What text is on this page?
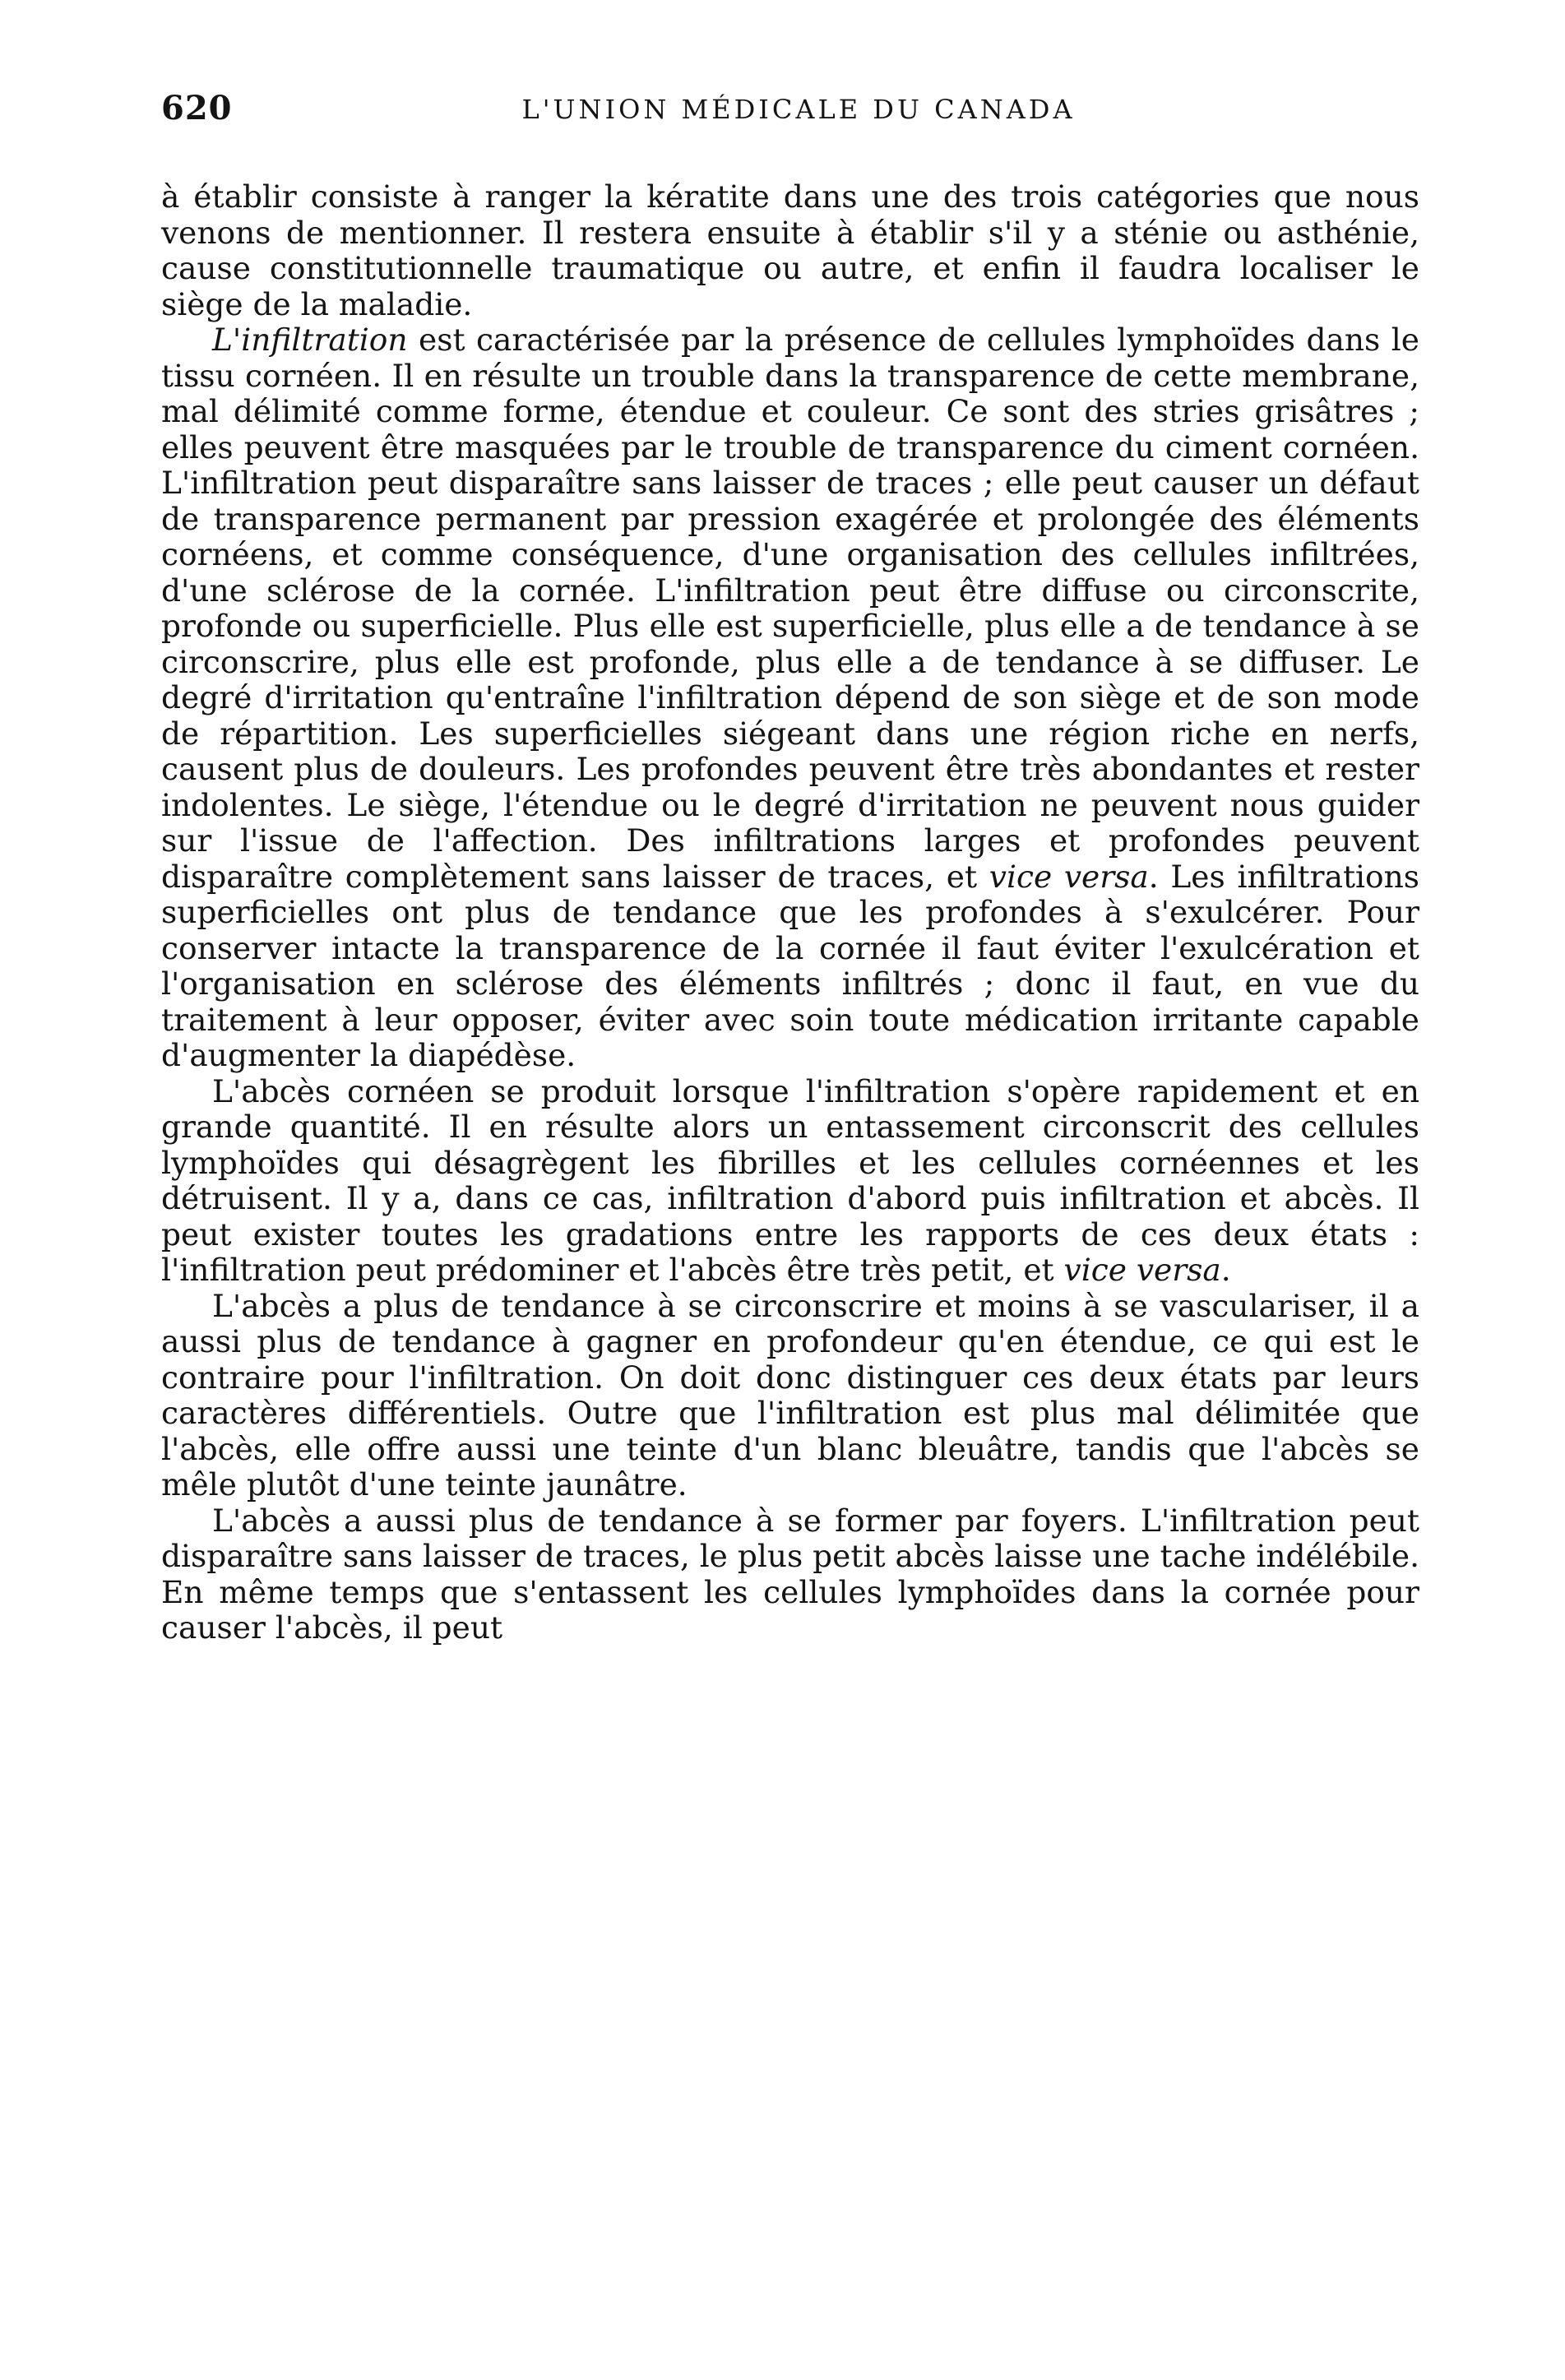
620	L'UNION MÉDICALE DU CANADA

à établir consiste à ranger la kératite dans une des trois catégories que nous venons de mentionner. Il restera ensuite à établir s'il y a sténie ou asthénie, cause constitutionnelle traumatique ou autre, et enfin il faudra localiser le siège de la maladie.

L'infiltration est caractérisée par la présence de cellules lymphoïdes dans le tissu cornéen. Il en résulte un trouble dans la transparence de cette membrane, mal délimité comme forme, étendue et couleur. Ce sont des stries grisâtres ; elles peuvent être masquées par le trouble de transparence du ciment cornéen. L'infiltration peut disparaître sans laisser de traces ; elle peut causer un défaut de transparence permanent par pression exagérée et prolongée des éléments cornéens, et comme conséquence, d'une organisation des cellules infiltrées, d'une sclérose de la cornée. L'infiltration peut être diffuse ou circonscrite, profonde ou superficielle. Plus elle est superficielle, plus elle a de tendance à se circonscrire, plus elle est profonde, plus elle a de tendance à se diffuser. Le degré d'irritation qu'entraîne l'infiltration dépend de son siège et de son mode de répartition. Les superficielles siégeant dans une région riche en nerfs, causent plus de douleurs. Les profondes peuvent être très abondantes et rester indolentes. Le siège, l'étendue ou le degré d'irritation ne peuvent nous guider sur l'issue de l'affection. Des infiltrations larges et profondes peuvent disparaître complètement sans laisser de traces, et vice versa. Les infiltrations superficielles ont plus de tendance que les profondes à s'exulcérer. Pour conserver intacte la transparence de la cornée il faut éviter l'exulcération et l'organisation en sclérose des éléments infiltrés ; donc il faut, en vue du traitement à leur opposer, éviter avec soin toute médication irritante capable d'augmenter la diapédèse.

L'abcès cornéen se produit lorsque l'infiltration s'opère rapidement et en grande quantité. Il en résulte alors un entassement circonscrit des cellules lymphoïdes qui désagrègent les fibrilles et les cellules cornéennes et les détruisent. Il y a, dans ce cas, infiltration d'abord puis infiltration et abcès. Il peut exister toutes les gradations entre les rapports de ces deux états : l'infiltration peut prédominer et l'abcès être très petit, et vice versa.

L'abcès a plus de tendance à se circonscrire et moins à se vasculariser, il a aussi plus de tendance à gagner en profondeur qu'en étendue, ce qui est le contraire pour l'infiltration. On doit donc distinguer ces deux états par leurs caractères différentiels. Outre que l'infiltration est plus mal délimitée que l'abcès, elle offre aussi une teinte d'un blanc bleuâtre, tandis que l'abcès se mêle plutôt d'une teinte jaunâtre.

L'abcès a aussi plus de tendance à se former par foyers. L'infiltration peut disparaître sans laisser de traces, le plus petit abcès laisse une tache indélébile. En même temps que s'entassent les cellules lymphoïdes dans la cornée pour causer l'abcès, il peut
